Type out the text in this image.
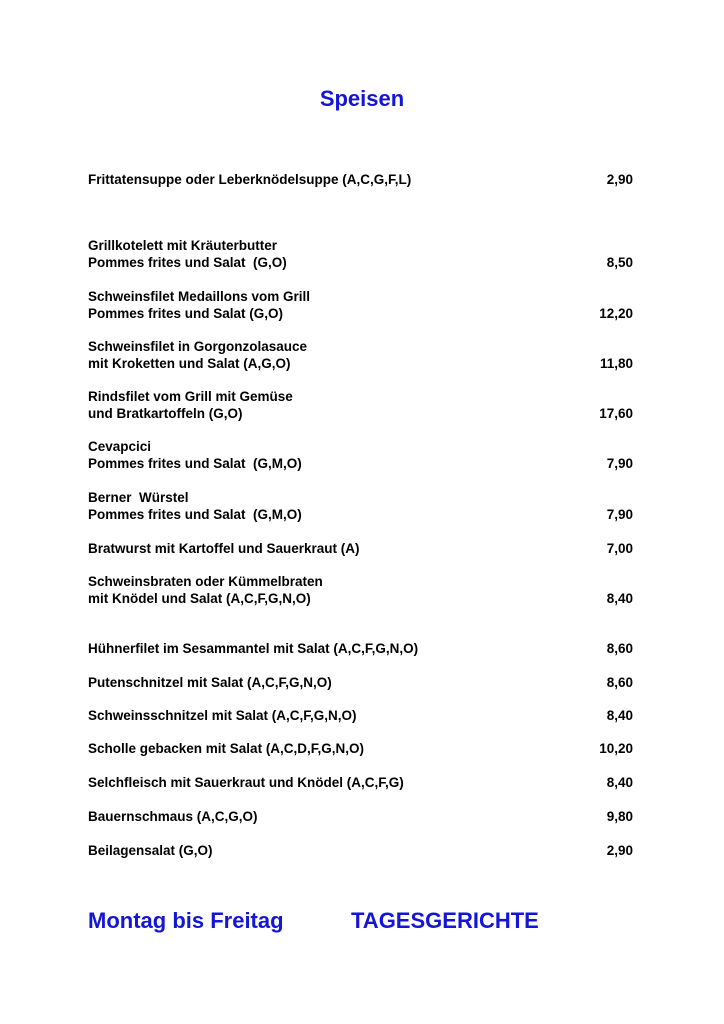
Speisen
Frittatensuppe oder Leberknödelsuppe (A,C,G,F,L)	2,90
Grillkotelett mit Kräuterbutter
Pommes frites und Salat  (G,O)	8,50
Schweinsfilet Medaillons vom Grill
Pommes frites und Salat (G,O)	12,20
Schweinsfilet in Gorgonzolasauce
mit Kroketten und Salat (A,G,O)	11,80
Rindsfilet vom Grill mit Gemüse
und Bratkartoffeln (G,O)	17,60
Cevapcici
Pommes frites und Salat  (G,M,O)	7,90
Berner  Würstel
Pommes frites und Salat  (G,M,O)	7,90
Bratwurst mit Kartoffel und Sauerkraut (A)	7,00
Schweinsbraten oder Kümmelbraten
mit Knödel und Salat (A,C,F,G,N,O)	8,40
Hühnerfilet im Sesammantel mit Salat (A,C,F,G,N,O)	8,60
Putenschnitzel mit Salat (A,C,F,G,N,O)	8,60
Schweinsschnitzel mit Salat (A,C,F,G,N,O)	8,40
Scholle gebacken mit Salat (A,C,D,F,G,N,O)	10,20
Selchfleisch mit Sauerkraut und Knödel (A,C,F,G)	8,40
Bauernschmaus (A,C,G,O)	9,80
Beilagensalat (G,O)	2,90
Montag bis Freitag	TAGESGERICHTE
